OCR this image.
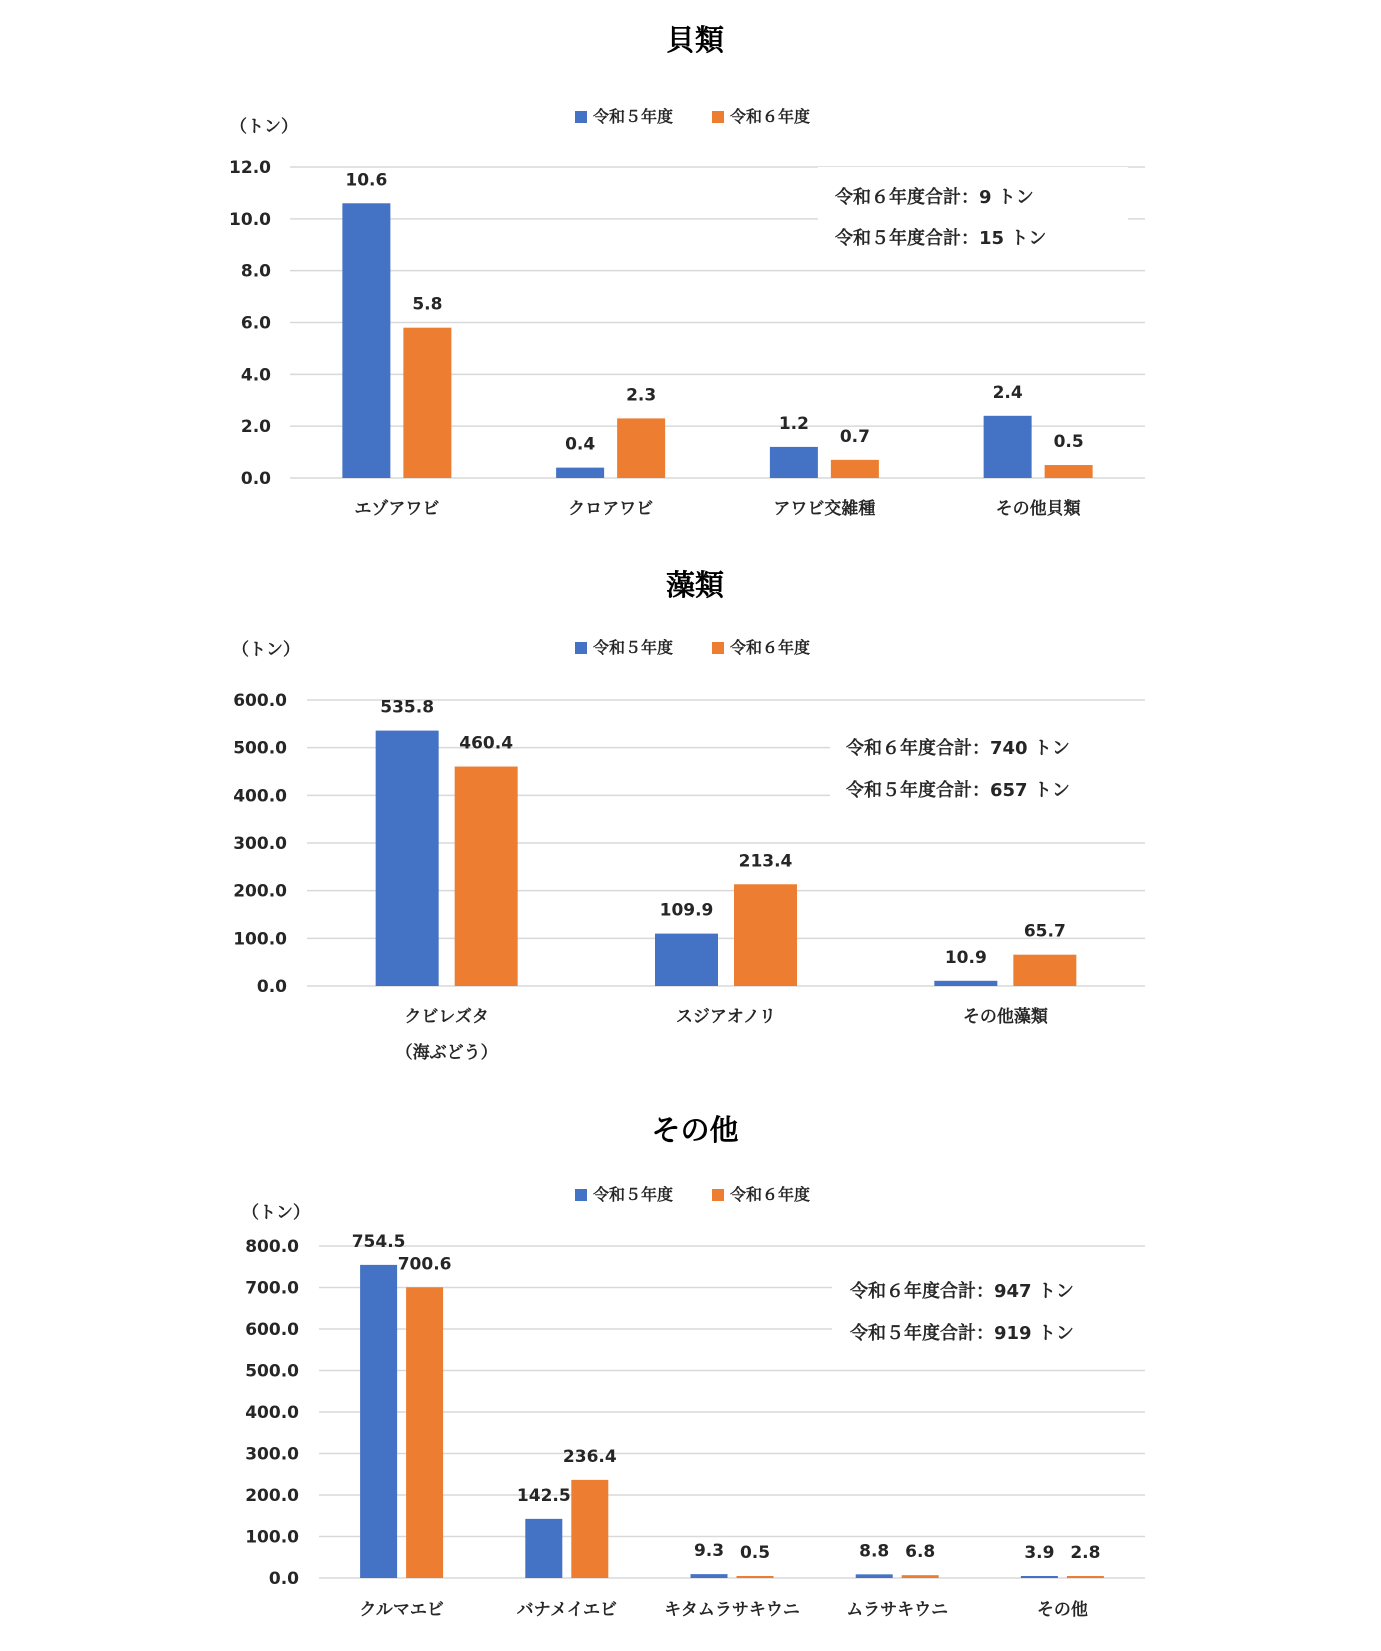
貝類
（トン）
令和５年度	令和６年度
0.0
2.0
4.0
6.0
8.0
10.0
12.0
令和６年度合計：9 トン
令和５年度合計：15 トン
10.6
5.8
エゾアワビ
0.4
2.3
クロアワビ
1.2
0.7
アワビ交雑種
2.4
0.5
その他貝類
藻類
（トン）	令和５年度	令和６年度
0.0
100.0
200.0
300.0
400.0
500.0
600.0
令和６年度合計：740 トン
令和５年度合計：657 トン
535.8
460.4
クビレズタ
（海ぶどう）
109.9
213.4
スジアオノリ
10.9
65.7
その他藻類
その他
（トン）
令和５年度	令和６年度
0.0
100.0
200.0
300.0
400.0
500.0
600.0
700.0
800.0
令和６年度合計：947 トン
令和５年度合計：919 トン
754.5
700.6
クルマエビ
142.5
236.4
バナメイエビ
9.3 0.5
キタムラサキウニ
8.8 6.8
ムラサキウニ
3.9 2.8
その他
